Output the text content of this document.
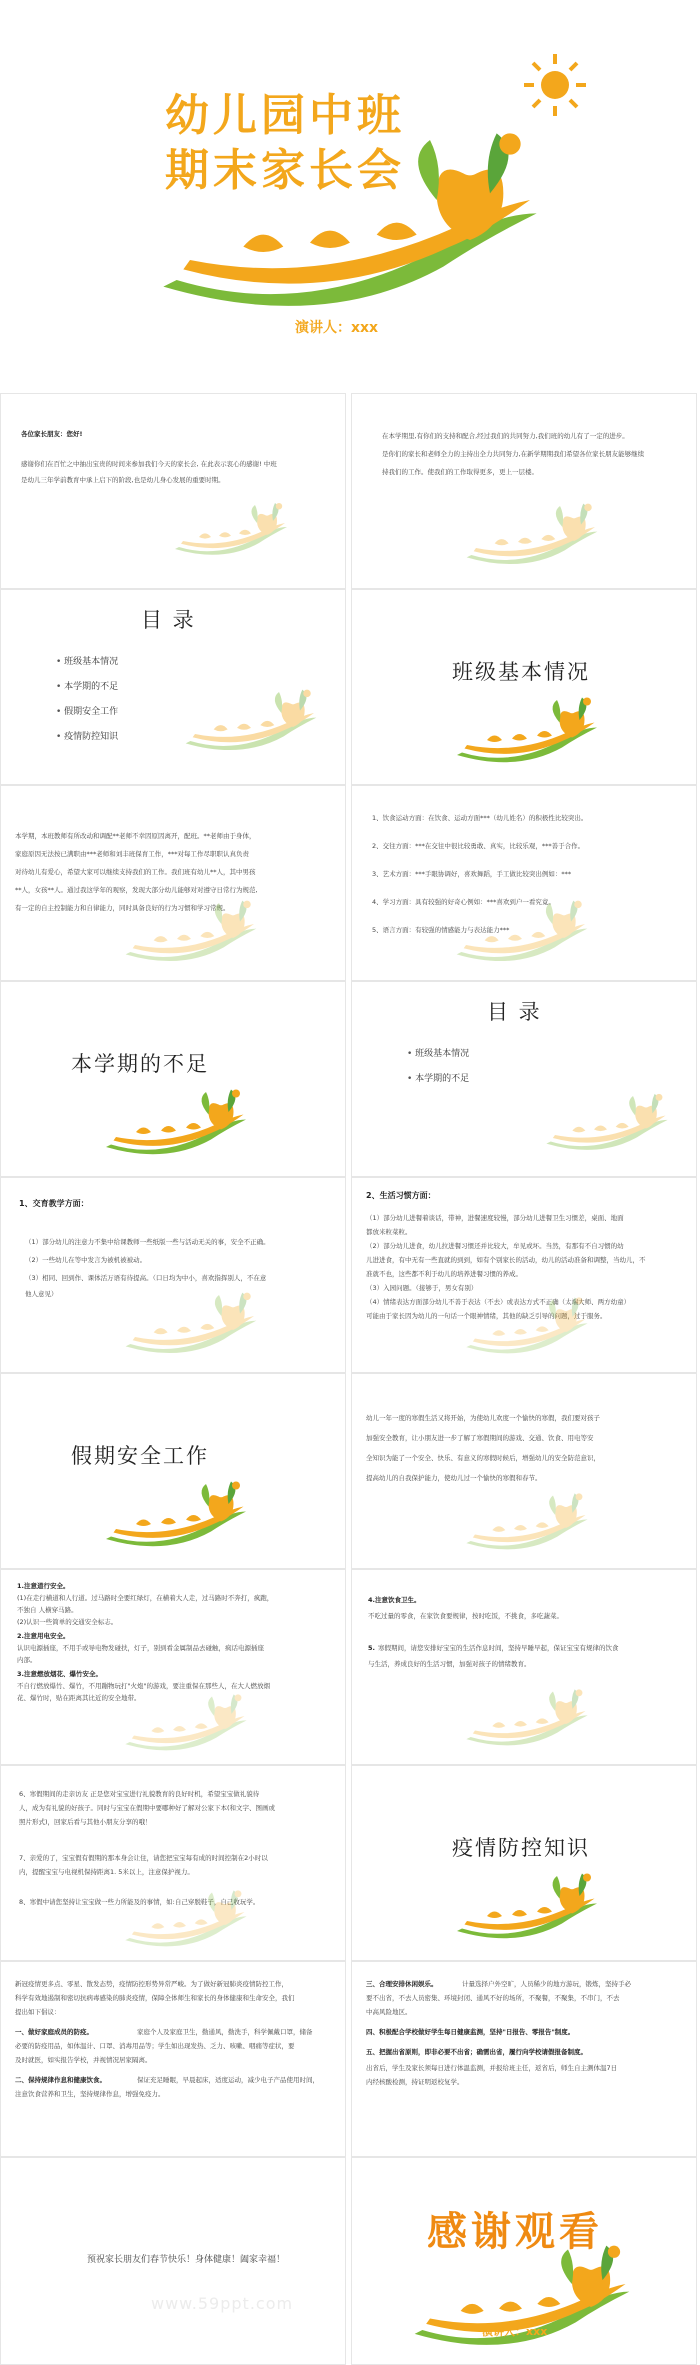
幼儿园中班
期末家长会
演讲人：xxx
各位家长朋友：您好!
感谢你们在百忙之中抽出宝贵的时间来参加我们今天的家长会, 在此表示衷心的感谢! 中班
是幼儿三年学前教育中承上启下的阶段,也是幼儿身心发展的重要时期。
在本学期里,有你们的支持和配合,经过我们的共同努力,我们班的幼儿有了一定的进步。
是你们的家长和老师全力的主持出全力共同努力,在新学期期我们希望各位家长朋友能够继续
持我们的工作。使我们的工作取得更多，更上一层楼。
目 录
• 班级基本情况
• 本学期的不足
• 假期安全工作
• 疫情防控知识
班级基本情况
本学期，本班教师有所改动和调配**老师不幸因原因离开，配班。**老师由于身体，
家庭原因无法按已满职由***老师和刘丰班保育工作，***对每工作尽职职认真负责
对待幼儿有爱心，希望大家可以继续支持我们的工作。我们班有幼儿**人，其中男孩
**人，女孩**人。通过我这学年的观察，发现大部分幼儿能够对对遵守日常行为规范,
有一定的自主控制能力和自律能力，同时具备良好的行为习惯和学习常规。
1、饮食运动方面：在饮食、运动方面***（幼儿姓名）的积极性比较突出。
2、交往方面：***在交往中很比较勇敢、真实，比较乐观，***善于合作。
3、艺术方面：***手眼协调好，喜欢舞蹈，手工做比较突出例如：***
4、学习方面：具有较强的好奇心例如：***喜欢到户一看究竟。
5、语言方面：有较强的情感能力与表达能力***
本学期的不足
目 录
• 班级基本情况
• 本学期的不足
1、交育教学方面：
（1）部分幼儿的注意力不集中给课教师一些纸版一些与活动无关的事，安全不正确。
（2）一些幼儿在等中发言为被机被被动。
（3）相同、回到作、课体活万语有待提高。（口日均为中小，喜欢指挥别人，不在意
他人意见）
2、生活习惯方面：
（1）部分幼儿进餐着谈话，带神，进餐速度较慢，部分幼儿进餐卫生习惯差，桌面、地面
都放米粒菜粒。
（2）部分幼儿进食，幼儿拉进餐习惯还并比较大，牟见或坏。当然，有那有不自习惯的幼
儿进进食，有中无有一些直就的到到，如有个别家长的活动，幼儿的活动准备和调整，当幼儿，不
准就不也，这些都不利于幼儿的培养进餐习惯的养成。
（3）入园问题。（接够于，男女有别）
（4）情绪表达方面部分幼儿不善于表达（不去）或表达方式不正确（太端大师、两方幼童）
可能由于家长因为幼儿的一句话一个眼神情绪，其他的缺乏引导的问题，过于服务。
假期安全工作
幼儿一年一度的寒假生活又将开始，为使幼儿欢度一个愉快的寒假，我们要对孩子
加强安全教育，让小朋友进一步了解了寒假期间的游戏、交通、饮食、用电等安
全知识为能了一个安全、快乐、有意义的寒假时候后，增强幼儿的安全防范意识，
提高幼儿的自我保护能力，使幼儿过一个愉快的寒假和春节。
1.注意道行安全。
(1)在走行横道和人行道。过马路时全要红绿灯，在横着大人走，过马路时不奔打，疯跑，
不独自 人横穿马路。
(2)认识一些简单的交通安全标志。
2.注意用电安全。
认识电源插座，不用手或导电物发碰扶，灯子，别到看金属制品去碰触，疯话电源插座
内部。
3.注意燃放烟花、爆竹安全。
不自行燃放爆竹、爆竹，不用蹦物玩打"火炮"的游戏，要注重保在那些人，在大人燃放烟
花、爆竹时，贴在距离其比近的安全地带。
4.注意饮食卫生。
不吃过量的零食，在家饮食要规律，按时吃饭，不挑食，多吃蔬菜。
5. 寒假期间，请您安排好宝宝的生活作息时间，坚持早睡早起，保证宝宝有规律的饮食
与生活，养成良好的生活习惯，加强对孩子的情绪教育。
6、寒假期间的走亲访友 正是您对宝宝进行礼貌教育的良好时机，希望宝宝做礼貌待
人，成为有礼貌的好孩子。同时与宝宝在假期中要哪种好了解对公家下本(和文字、图画或
照片形式)，回家后看与其他小朋友分享的哦！
7、亲爱的了，宝宝假有假期的那本身会让住，请您把宝宝每有成的时间控制在2小时以
内，提醒宝宝与电视机保持距离1. 5米以上，注意保护视力。
8、寒假中请您坚持让宝宝做一些力所能及的事情，如:自己穿脱鞋子，自己收玩学。
疫情防控知识
新冠疫情更多点、零星、散发态势，疫情防控形势异常严峻。为了做好新冠肺炎疫情防控工作，
科学有效地遏制和密切抗病毒感染的肺炎疫情，保障全体师生和家长的身体健康和生命安全，我们
提出如下倡议：
一、做好家庭成员的防疫。	家庭个人及家庭卫生，勤通风，勤洗手，科学佩戴口罩，储备
必要的防疫用品，如体温计、口罩、消毒用品等；学生如出现发热、乏力、咳嗽、咽痛等症状，要
及时就医，如实报告学校，并视情况居家隔离。
二、保持规律作息和健康饮食。	保证充足睡眠，早晨起床，适度运动，减少电子产品使用时间，
注意饮食营养和卫生，坚持规律作息，增强免疫力。
三、合理安排休闲娱乐。	计量选择户外空旷，人员稀少的地方游玩，锻炼，坚持手必
要不出省，不去人员密集、环境封闭、通风不好的场所，不聚餐，不聚集，不串门，不去
中高风险地区。
四、积极配合学校做好学生每日健康监测，坚持"日报告、零报告"制度。
五、把握出省原则，即非必要不出省；确需出省，履行向学校请假报备制度。
出省后，学生及家长须每日进行体温监测，并报给班主任，返省后，师生自主测体温7日
内经核酸检测，持证明返校复学。
预祝家长朋友们春节快乐！身体健康！阖家幸福！
www.59ppt.com
感谢观看
演讲人：xxx
